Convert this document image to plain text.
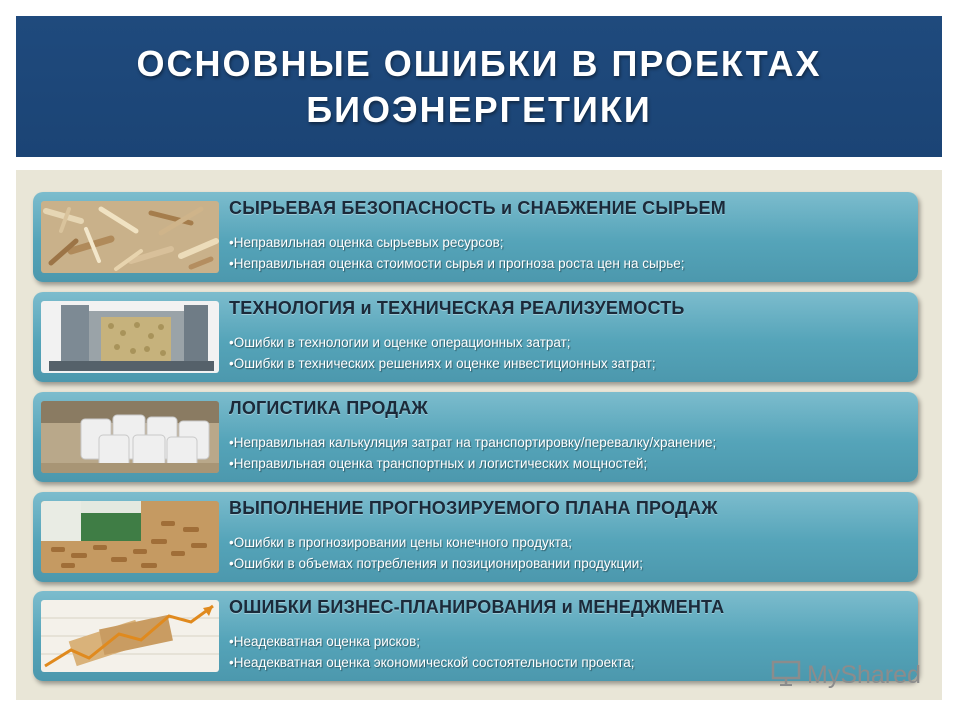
ОСНОВНЫЕ ОШИБКИ В ПРОЕКТАХ
БИОЭНЕРГЕТИКИ
СЫРЬЕВАЯ БЕЗОПАСНОСТЬ и СНАБЖЕНИЕ СЫРЬЕМ
•Неправильная оценка сырьевых ресурсов;
•Неправильная оценка стоимости сырья и прогноза роста цен на сырье;
ТЕХНОЛОГИЯ и ТЕХНИЧЕСКАЯ РЕАЛИЗУЕМОСТЬ
•Ошибки в технологии и оценке операционных затрат;
•Ошибки в технических решениях и оценке инвестиционных затрат;
ЛОГИСТИКА ПРОДАЖ
•Неправильная калькуляция затрат на транспортировку/перевалку/хранение;
•Неправильная оценка транспортных и логистических мощностей;
ВЫПОЛНЕНИЕ ПРОГНОЗИРУЕМОГО ПЛАНА ПРОДАЖ
•Ошибки в прогнозировании цены конечного продукта;
•Ошибки в объемах потребления и позиционировании продукции;
ОШИБКИ БИЗНЕС-ПЛАНИРОВАНИЯ и МЕНЕДЖМЕНТА
•Неадекватная оценка рисков;
•Неадекватная оценка экономической состоятельности проекта;	MyShared
